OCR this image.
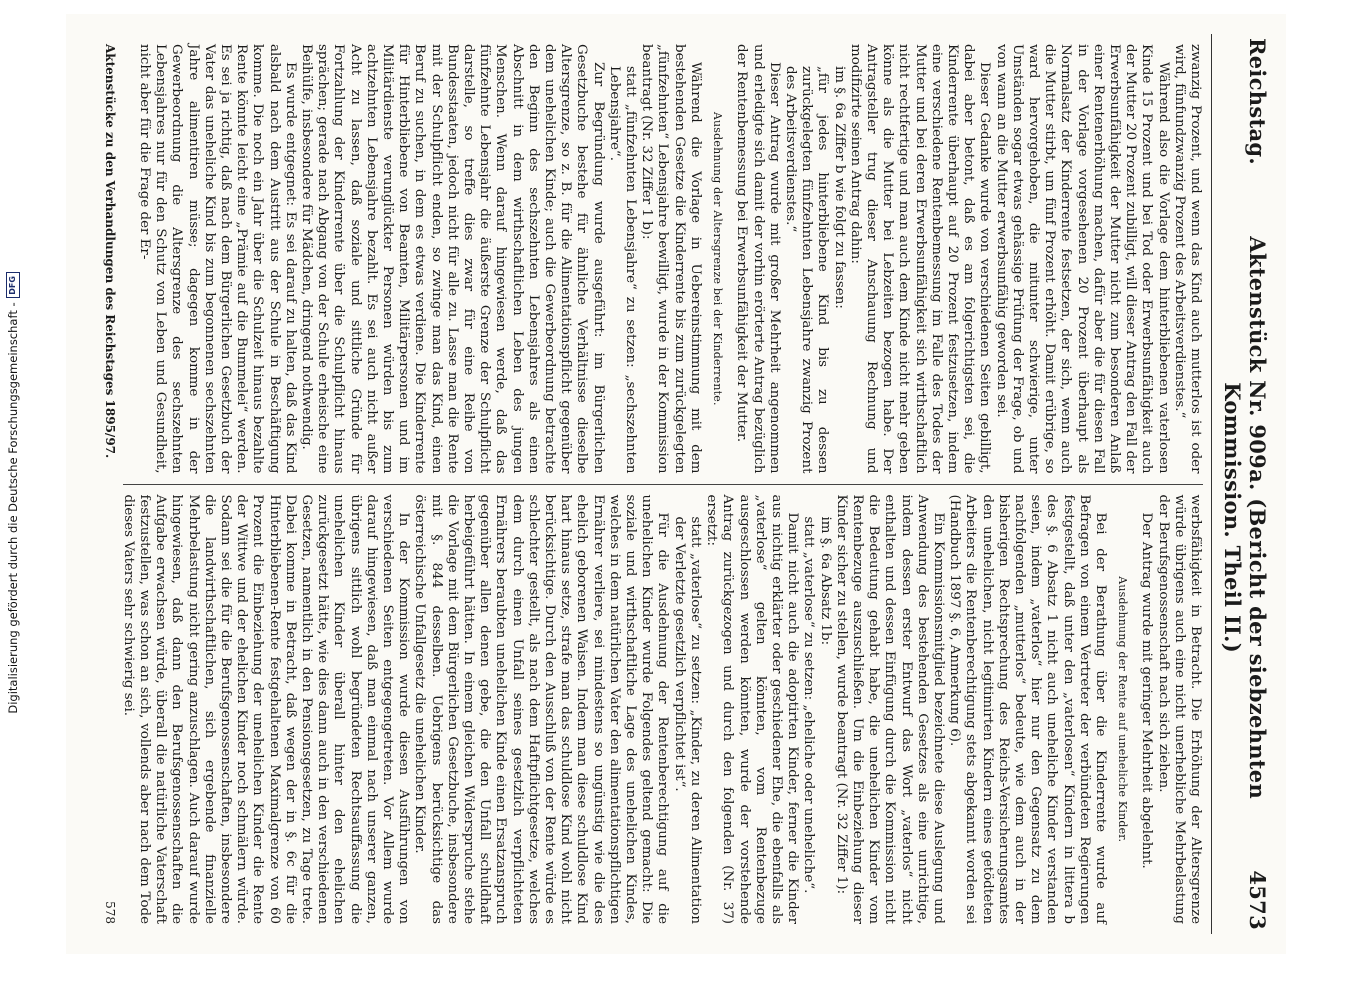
Digitalisierung gefördert durch die Deutsche Forschungsgemeinschaft -
DFG
Reichstag.
Aktenstück Nr. 909a. (Bericht der siebzehnten Kommission. Theil II.)
4573

zwanzig Prozent, und wenn das Kind auch mutterlos ist oder wird, fünfundzwanzig Prozent des Arbeitsverdienstes.“

Während also die Vorlage dem hinterbliebenen vaterlosen Kinde 15 Prozent und bei Tod oder Erwerbsunfähigkeit auch der Mutter 20 Prozent zubilligt, will dieser Antrag den Fall der Erwerbsunfähigkeit der Mutter nicht zum besonderen Anlaß einer Rentenerhöhung machen, dafür aber die für diesen Fall in der Vorlage vorgesehenen 20 Prozent überhaupt als Normalsatz der Kinderrente festsetzen, der sich, wenn auch die Mutter stirbt, um fünf Prozent erhöht. Damit erübrige, so ward hervorgehoben, die mitunter schwierige, unter Umständen sogar etwas gehässige Prüfung der Frage, ob und von wann an die Mutter erwerbsunfähig geworden sei.

Dieser Gedanke wurde von verschiedenen Seiten gebilligt, dabei aber betont, daß es am folgerichtigsten sei, die Kinderrente überhaupt auf 20 Prozent festzusetzen, indem eine verschiedene Rentenbemessung im Falle des Todes der Mutter und bei deren Erwerbsunfähigkeit sich wirthschaftlich nicht rechtfertige und man auch dem Kinde nicht mehr geben könne als die Mutter bei Lebzeiten bezogen habe. Der Antragsteller trug dieser Anschauung Rechnung und modifizirte seinen Antrag dahin:

im §. 6a Ziffer b wie folgt zu fassen:

„für jedes hinterbliebene Kind bis zu dessen zurückgelegten fünfzehnten Lebensjahre zwanzig Prozent des Arbeitsverdienstes.“

Dieser Antrag wurde mit großer Mehrheit angenommen und erledigte sich damit der vorhin erörterte Antrag bezüglich der Rentenbemessung bei Erwerbsunfähigkeit der Mutter.

Ausdehnung der Altersgrenze bei der Kinderrente.

Während die Vorlage in Uebereinstimmung mit dem bestehenden Gesetze die Kinderrente bis zum zurückgelegten „fünfzehnten“ Lebensjahre bewilligt, wurde in der Kommission beantragt (Nr. 32 Ziffer 1 b):

statt „fünfzehnten Lebensjahre“ zu setzen: „sechszehnten Lebensjahre“.

Zur Begründung wurde ausgeführt: im Bürgerlichen Gesetzbuche bestehe für ähnliche Verhältnisse dieselbe Altersgrenze, so z. B. für die Alimentationspflicht gegenüber dem unehelichen Kinde; auch die Gewerbeordnung betrachte den Beginn des sechszehnten Lebensjahres als einen Abschnitt in dem wirthschaftlichen Leben des jungen Menschen. Wenn darauf hingewiesen werde, daß das fünfzehnte Lebensjahr die äußerste Grenze der Schulpflicht darstelle, so treffe dies zwar für eine Reihe von Bundesstaaten, jedoch nicht für alle zu. Lasse man die Rente mit der Schulpflicht enden, so zwinge man das Kind, einen Beruf zu suchen, in dem es etwas verdiene. Die Kinderrente für Hinterbliebene von Beamten, Militärpersonen und im Militärdienste verunglückter Personen würden bis zum achtzehnten Lebensjahre bezahlt. Es sei auch nicht außer Acht zu lassen, daß soziale und sittliche Gründe für Fortzahlung der Kinderrente über die Schulpflicht hinaus sprächen; gerade nach Abgang von der Schule erheische eine Beihülfe, insbesondere für Mädchen, dringend nothwendig.

Es wurde entgegnet: Es sei darauf zu halten, daß das Kind alsbald nach dem Austritt aus der Schule in Beschäftigung komme. Die noch ein Jahr über die Schulzeit hinaus bezahlte Rente könnte leicht eine „Prämie auf die Bummelei“ werden. Es sei ja richtig, daß nach dem Bürgerlichen Gesetzbuch der Vater das uneheliche Kind bis zum begonnenen sechszehnten Jahre alimentiren müsse; dagegen komme in der Gewerbeordnung die Altersgrenze des sechszehnten Lebensjahres nur für den Schutz von Leben und Gesundheit, nicht aber für die Frage der Er-

werbsfähigkeit in Betracht. Die Erhöhung der Altersgrenze würde übrigens auch eine nicht unerhebliche Mehrbelastung der Berufsgenossenschaft nach sich ziehen.

Der Antrag wurde mit geringer Mehrheit abgelehnt.

Ausdehnung der Rente auf uneheliche Kinder.

Bei der Berathung über die Kinderrente wurde auf Befragen von einem Vertreter der verbündeten Regierungen festgestellt, daß unter den „vaterlosen“ Kindern in littera b des §. 6 Absatz 1 nicht auch uneheliche Kinder verstanden seien, indem „vaterlos“ hier nur den Gegensatz zu dem nachfolgenden „mutterlos“ bedeute, wie dem auch in der bisherigen Rechtsprechung des Reichs-Versicherungsamtes den unehelichen, nicht legitimirten Kindern eines getödteten Arbeiters die Rentenberechtigung stets abgekannt worden sei (Handbuch 1897 §. 6, Anmerkung 6).

Ein Kommissionsmitglied bezeichnete diese Auslegung und Anwendung des bestehenden Gesetzes als eine unrichtige, indem dessen erster Entwurf das Wort „vaterlos“ nicht enthalten und dessen Einfügung durch die Kommission nicht die Bedeutung gehabt habe, die unehelichen Kinder vom Rentenbezuge auszuschließen. Um die Einbeziehung dieser Kinder sicher zu stellen, wurde beantragt (Nr. 32 Ziffer 1):

im §. 6a Absatz 1b:

statt „vaterlose“ zu setzen: „eheliche oder uneheliche“.

Damit nicht auch die adoptirten Kinder, ferner die Kinder aus nichtig erklärter oder geschiedener Ehe, die ebenfalls als „vaterlose“ gelten könnten, vom Rentenbezuge ausgeschlossen werden könnten, wurde der vorstehende Antrag zurückgezogen und durch den folgenden (Nr. 37) ersetzt:

statt „vaterlose“ zu setzen: „Kinder, zu deren Alimentation der Verletzte gesetzlich verpflichtet ist“.

Für die Ausdehnung der Rentenberechtigung auf die unehelichen Kinder wurde Folgendes geltend gemacht: Die soziale und wirthschaftliche Lage des unehelichen Kindes, welches in dem natürlichen Vater den alimentationspflichtigen Ernährer verliere, sei mindestens so ungünstig wie die des ehelich geborenen Waisen. Indem man diese schuldlose Kind hart hinaus setze, strafe man das schuldlose Kind wohl nicht berücksichtige. Durch den Ausschluß von der Rente würde es schlechter gestellt, als nach dem Haftpflichtgesetze, welches dem durch einen Unfall seines gesetzlich verpflichteten Ernährers beraubten unehelichen Kinde einen Ersatzanspruch gegenüber allen denen gebe, die den Unfall schuldhaft herbeigeführt hätten. In einem gleichen Widerspruche stehe die Vorlage mit dem Bürgerlichen Gesetzbuche, insbesondere mit §. 844 desselben. Uebrigens berücksichtige das österreichische Unfallgesetz die unehelichen Kinder.

In der Kommission wurde diesen Ausführungen von verschiedenen Seiten entgegengetreten. Vor Allem wurde darauf hingewiesen, daß man einmal nach unserer ganzen, übrigens sittlich wohl begründeten Rechtsauffassung die unehelichen Kinder überall hinter den ehelichen zurückgesetzt hätte, wie dies dann auch in den verschiedenen Gesetzen, namentlich in den Pensionsgesetzen, zu Tage trete. Dabei komme in Betracht, daß wegen der in §. 6c für die Hinterbliebenen-Rente festgehaltenen Maximalgrenze von 60 Prozent die Einbeziehung der unehelichen Kinder die Rente der Wittwe und der ehelichen Kinder noch schmälern würde. Sodann sei die für die Berufsgenossenschaften, insbesondere die landwirthschaftlichen, sich ergebende finanzielle Mehrbelastung nicht gering anzuschlagen. Auch darauf wurde hingewiesen, daß dann den Berufsgenossenschaften die Aufgabe erwachsen würde, überall die natürliche Vaterschaft festzustellen, was schon an sich, vollends aber nach dem Tode dieses Vaters sehr schwierig sei.

Aktenstücke zu den Verhandlungen des Reichstages 1895/97.
578
